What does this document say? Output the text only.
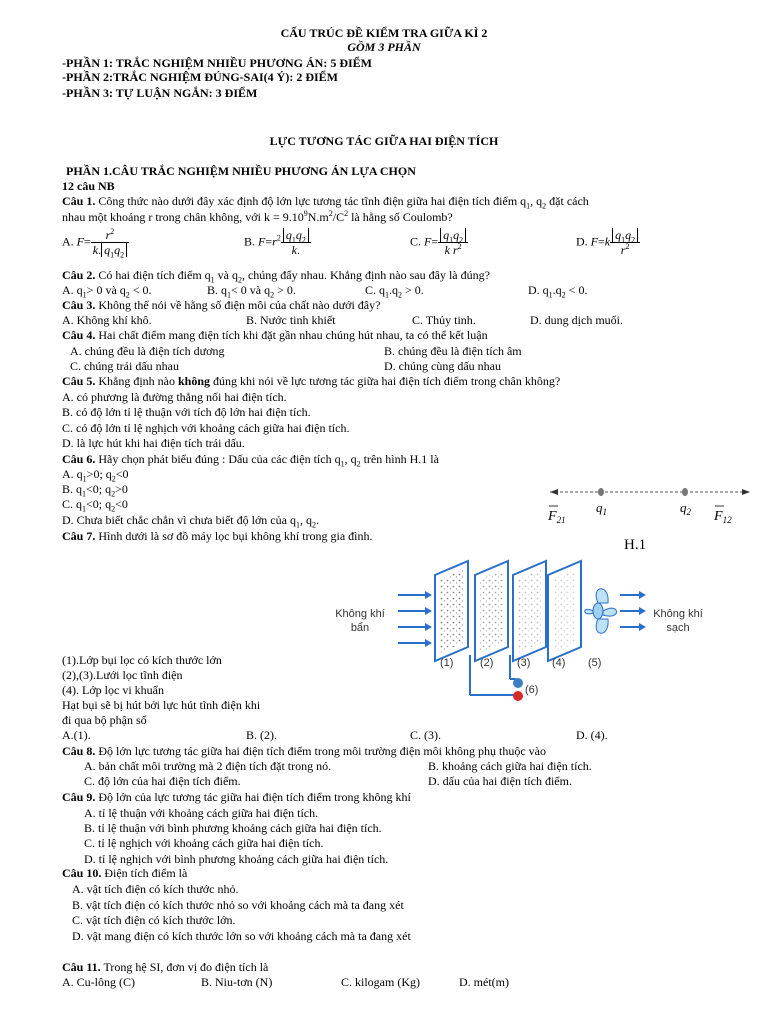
CẤU TRÚC ĐỀ KIỂM TRA GIỮA KÌ 2
GỒM 3 PHẦN
-PHẦN 1: TRẮC NGHIỆM NHIỀU PHƯƠNG ÁN: 5 ĐIỂM
-PHẦN 2:TRẮC NGHIỆM ĐÚNG-SAI(4 Ý): 2 ĐIỂM
-PHẦN 3: TỰ LUẬN NGẮN: 3 ĐIỂM
LỰC TƯƠNG TÁC GIỮA HAI ĐIỆN TÍCH
PHẦN 1.CÂU TRẮC NGHIỆM NHIỀU PHƯƠNG ÁN LỰA CHỌN
12 câu NB
Câu 1. Công thức nào dưới đây xác định độ lớn lực tương tác tĩnh điện giữa hai điện tích điểm $q_1$, $q_2$ đặt cách
nhau một khoảng r trong chân không, với $k = 9.10^9N.m^2/C^2$ là hằng số Coulomb?
A. $F= \frac{r^2}{k. q_1q_2}$	B. $F=r^2 \frac{q_1q_2}{k.}$	C. $F= \frac{q_1q_2}{k r^2}$	D. $F=k \frac{q_1q_2}{r^2}$
Câu 2. Có hai điện tích điểm $q_1$ và $q_2$, chúng đẩy nhau. Khẳng định nào sau đây là đúng?
A. $q_1> 0$ và $q_2 < 0$.	B. $q_1< 0$ và $q_2 > 0$.	C. $q_1.q_2 > 0$.	D. $q_1.q_2 < 0$.
Câu 3. Không thể nói về hằng số điện môi của chất nào dưới đây?
A. Không khí khô.	B. Nước tinh khiết	C. Thủy tinh.	D. dung dịch muối.
Câu 4. Hai chất điểm mang điện tích khi đặt gần nhau chúng hút nhau, ta có thể kết luận
A. chúng đều là điện tích dương	B. chúng đều là điện tích âm
C. chúng trái dấu nhau	D. chúng cùng dấu nhau
Câu 5. Khẳng định nào không đúng khi nói về lực tương tác giữa hai điện tích điểm trong chân không?
A. có phương là đường thẳng nối hai điện tích.
B. có độ lớn tỉ lệ thuận với tích độ lớn hai điện tích.
C. có độ lớn tỉ lệ nghịch với khoảng cách giữa hai điện tích.
D. là lực hút khi hai điện tích trái dấu.
Câu 6. Hãy chọn phát biểu đúng : Dấu của các điện tích $q_1$, $q_2$ trên hình H.1 là
A. $q_1>0$; $q_2<0$
B. $q_1<0$; $q_2>0$
C. $q_1<0$; $q_2<0$
D. Chưa biết chắc chắn vì chưa biết độ lớn của $q_1$, $q_2$.	$F_{21}$
$q_1$	$q_2$ $F_{12}$
H.1
Câu 7. Hình dưới là sơ đồ máy lọc bụi không khí trong gia đình.
Không khí
bẩn
Không khí
sạch
(1) (2) (3) (4) (5)
(6)
(1).Lớp bụi lọc có kích thước lớn
(2),(3).Lưới lọc tĩnh điện
(4). Lớp lọc vi khuẩn
Hạt bụi sẽ bị hút bởi lực hút tĩnh điện khi
đi qua bộ phận số
A.(1).	B. (2).	C. (3).	D. (4).
Câu 8. Độ lớn lực tương tác giữa hai điện tích điểm trong môi trường điện môi không phụ thuộc vào
A. bản chất môi trường mà 2 điện tích đặt trong nó.	B. khoảng cách giữa hai điện tích.
C. độ lớn của hai điện tích điểm.	D. dấu của hai điện tích điểm.
Câu 9. Độ lớn của lực tương tác giữa hai điện tích điểm trong không khí
A. tỉ lệ thuận với khoảng cách giữa hai điện tích.
B. tỉ lệ thuận với bình phương khoảng cách giữa hai điện tích.
C. tỉ lệ nghịch với khoảng cách giữa hai điện tích.
D. tỉ lệ nghịch với bình phương khoảng cách giữa hai điện tích.
Câu 10. Điện tích điểm là
A. vật tích điện có kích thước nhỏ.
B. vật tích điện có kích thước nhỏ so với khoảng cách mà ta đang xét
C. vật tích điện có kích thước lớn.
D. vật mang điện có kích thước lớn so với khoảng cách mà ta đang xét
Câu 11. Trong hệ SI, đơn vị đo điện tích là
A. Cu-lông (C)	B. Niu-tơn (N)	C. kilogam (Kg)	D. mét(m)
